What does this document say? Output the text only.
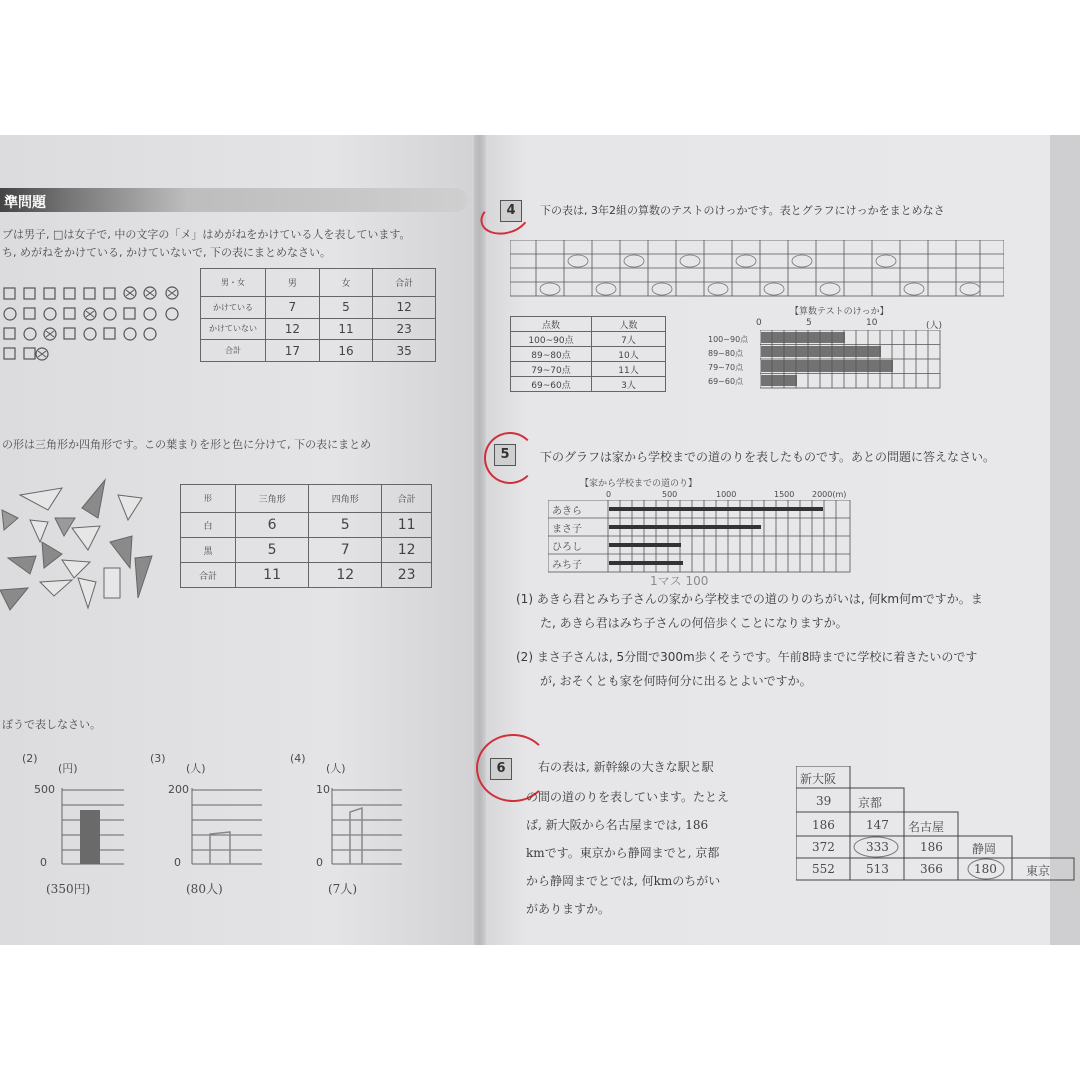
準問題
ブは男子, □は女子で, 中の文字の「メ」はめがねをかけている人を表しています。
ち, めがねをかけている, かけていないで, 下の表にまとめなさい。
男・女	男	女	合計
かけている	7	5	12
かけていない	12	11	23
合計	17	16	35
の形は三角形か四角形です。この葉まりを形と色に分けて, 下の表にまとめ
形	三角形	四角形	合計
白	6	5	11
黒	5	7	12
合計	11	12	23
ぼうで表しなさい。
(2)
(円)
500
0
(350円)
(3)
(人)
200
0
(80人)
(4)
(人)
10
0
(7人)
4	下の表は, 3年2組の算数のテストのけっかです。表とグラフにけっかをまとめなさ
点数	人数
100~90点	7人
89~80点	10人
79~70点	11人
69~60点	3人
【算数テストのけっか】
0	5	10	(人)
100~90点
89~80点
79~70点
69~60点
5	下のグラフは家から学校までの道のりを表したものです。あとの問題に答えなさい。
【家から学校までの道のり】
0	500	1000	1500 2000(m)
あきら
まさ子
ひろし
みち子
1マス 100
(1) あきら君とみち子さんの家から学校までの道のりのちがいは, 何km何mですか。ま
た, あきら君はみち子さんの何倍歩くことになりますか。
(2) まさ子さんは, 5分間で300m歩くそうです。午前8時までに学校に着きたいのです
が, おそくとも家を何時何分に出るとよいですか。
6	右の表は, 新幹線の大きな駅と駅
の間の道のりを表しています。たとえ
ば, 新大阪から名古屋までは, 186
kmです。東京から静岡までと, 京都
から静岡までとでは, 何kmのちがい
がありますか。
新大阪
39 京都
186	147 名古屋
372	333	186 静岡
552	513	366	180 東京
